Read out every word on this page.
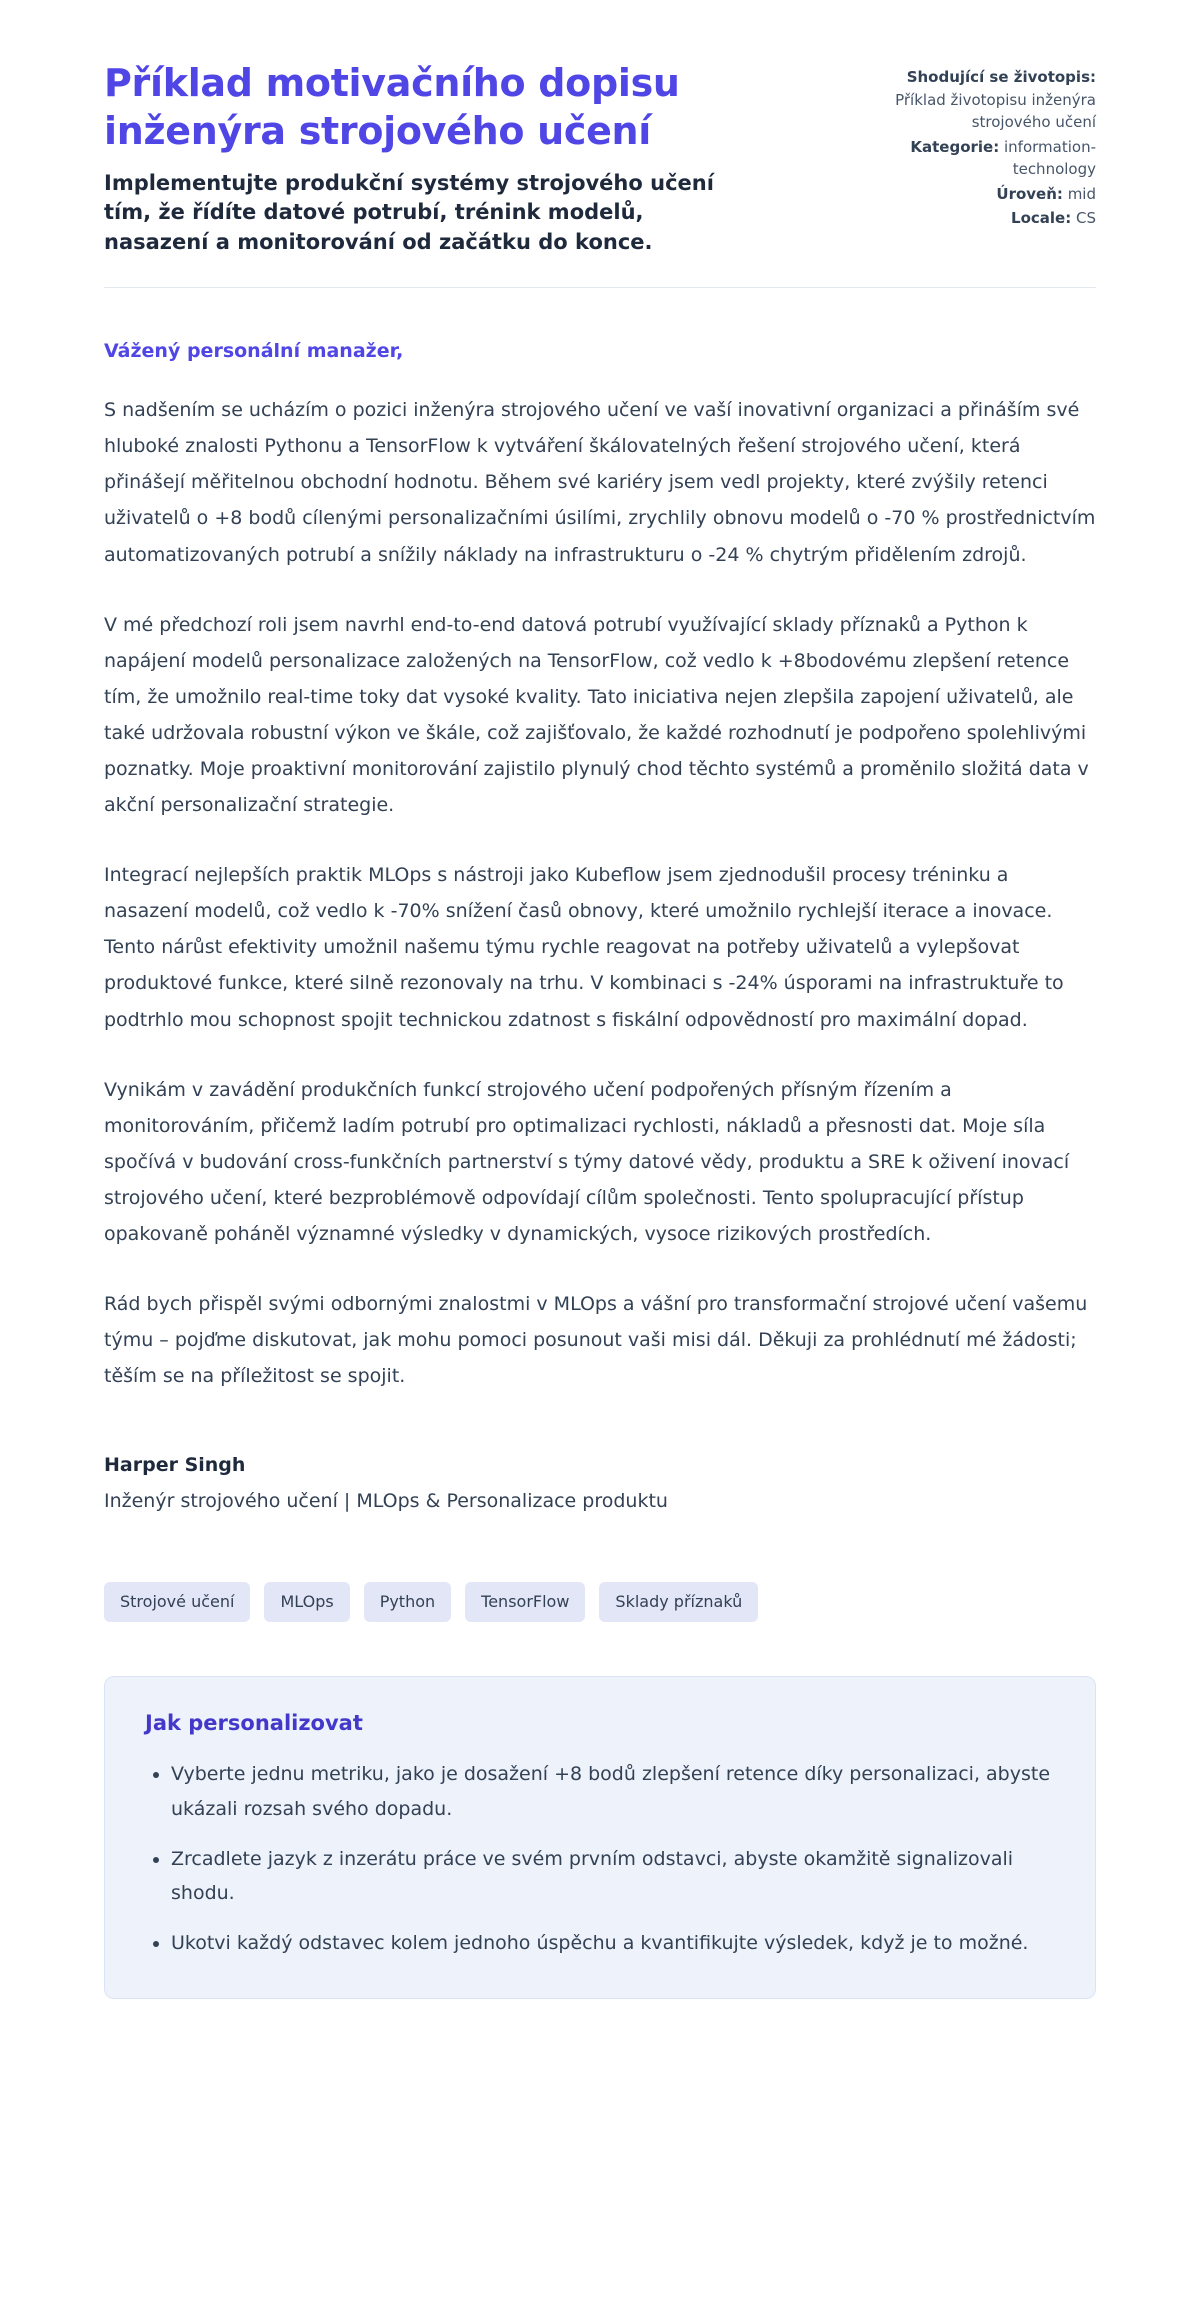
Příklad motivačního dopisu inženýra strojového učení

Implementujte produkční systémy strojového učení tím, že řídíte datové potrubí, trénink modelů, nasazení a monitorování od začátku do konce.

Shodující se životopis: Příklad životopisu inženýra strojového učení
Kategorie: information-technology
Úroveň: mid
Locale: CS

Vážený personální manažer,

S nadšením se ucházím o pozici inženýra strojového učení ve vaší inovativní organizaci a přináším své hluboké znalosti Pythonu a TensorFlow k vytváření škálovatelných řešení strojového učení, která přinášejí měřitelnou obchodní hodnotu. Během své kariéry jsem vedl projekty, které zvýšily retenci uživatelů o +8 bodů cílenými personalizačními úsilími, zrychlily obnovu modelů o -70 % prostřednictvím automatizovaných potrubí a snížily náklady na infrastrukturu o -24 % chytrým přidělením zdrojů.

V mé předchozí roli jsem navrhl end-to-end datová potrubí využívající sklady příznaků a Python k napájení modelů personalizace založených na TensorFlow, což vedlo k +8bodovému zlepšení retence tím, že umožnilo real-time toky dat vysoké kvality. Tato iniciativa nejen zlepšila zapojení uživatelů, ale také udržovala robustní výkon ve škále, což zajišťovalo, že každé rozhodnutí je podpořeno spolehlivými poznatky. Moje proaktivní monitorování zajistilo plynulý chod těchto systémů a proměnilo složitá data v akční personalizační strategie.

Integrací nejlepších praktik MLOps s nástroji jako Kubeflow jsem zjednodušil procesy tréninku a nasazení modelů, což vedlo k -70% snížení časů obnovy, které umožnilo rychlejší iterace a inovace. Tento nárůst efektivity umožnil našemu týmu rychle reagovat na potřeby uživatelů a vylepšovat produktové funkce, které silně rezonovaly na trhu. V kombinaci s -24% úsporami na infrastruktuře to podtrhlo mou schopnost spojit technickou zdatnost s fiskální odpovědností pro maximální dopad.

Vynikám v zavádění produkčních funkcí strojového učení podpořených přísným řízením a monitorováním, přičemž ladím potrubí pro optimalizaci rychlosti, nákladů a přesnosti dat. Moje síla spočívá v budování cross-funkčních partnerství s týmy datové vědy, produktu a SRE k oživení inovací strojového učení, které bezproblémově odpovídají cílům společnosti. Tento spolupracující přístup opakovaně poháněl významné výsledky v dynamických, vysoce rizikových prostředích.

Rád bych přispěl svými odbornými znalostmi v MLOps a vášní pro transformační strojové učení vašemu týmu – pojďme diskutovat, jak mohu pomoci posunout vaši misi dál. Děkuji za prohlédnutí mé žádosti; těším se na příležitost se spojit.

Harper Singh

Inženýr strojového učení | MLOps & Personalizace produktu

Strojové učení	MLOps	Python	TensorFlow	Sklady příznaků
Jak personalizovat
• Vyberte jednu metriku, jako je dosažení +8 bodů zlepšení retence díky personalizaci, abyste ukázali rozsah svého dopadu.
• Zrcadlete jazyk z inzerátu práce ve svém prvním odstavci, abyste okamžitě signalizovali shodu.
• Ukotvi každý odstavec kolem jednoho úspěchu a kvantifikujte výsledek, když je to možné.
